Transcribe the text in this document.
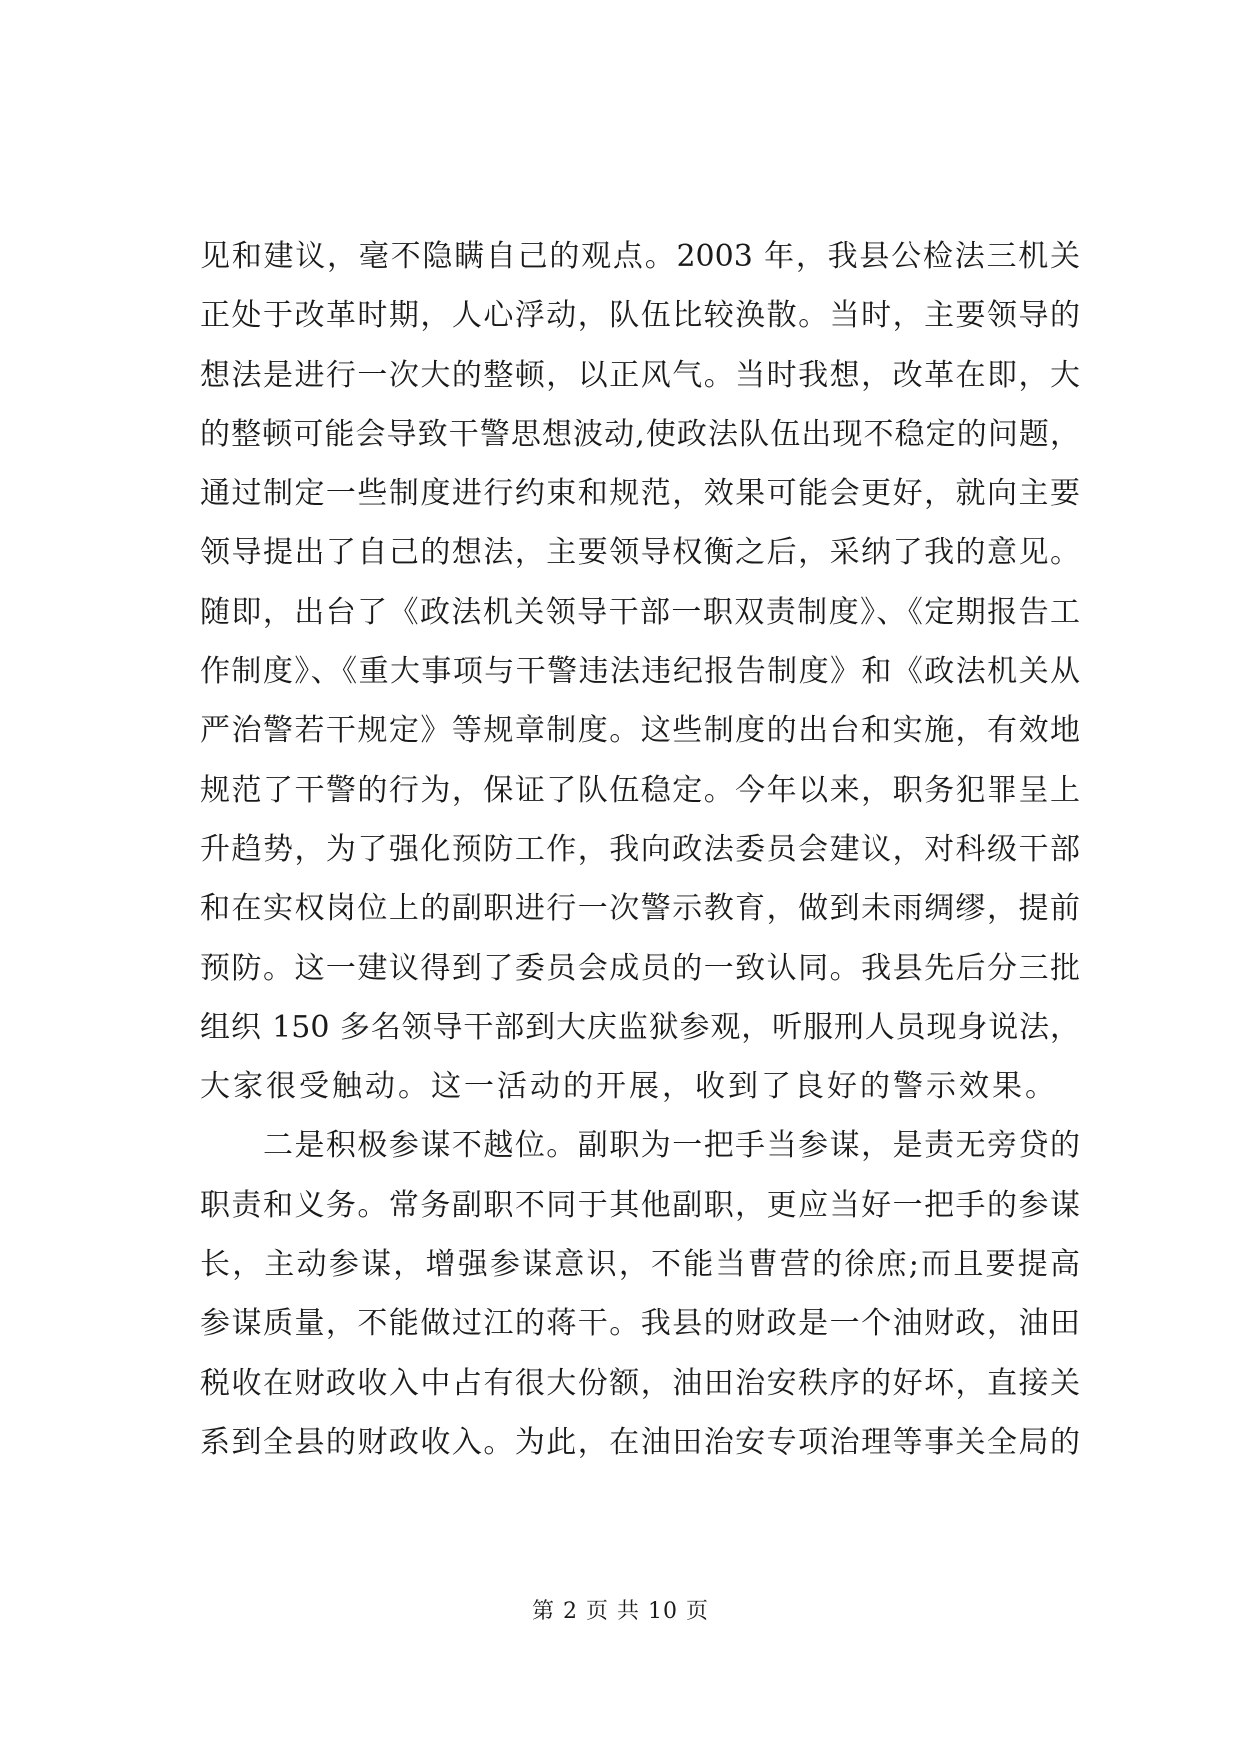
见和建议，毫不隐瞒自己的观点。2003 年，我县公检法三机关
正处于改革时期，人心浮动，队伍比较涣散。当时，主要领导的
想法是进行一次大的整顿，以正风气。当时我想，改革在即，大
的整顿可能会导致干警思想波动,使政法队伍出现不稳定的问题，
通过制定一些制度进行约束和规范，效果可能会更好，就向主要
领导提出了自己的想法，主要领导权衡之后，采纳了我的意见。
随即，出台了《政法机关领导干部一职双责制度》、《定期报告工
作制度》、《重大事项与干警违法违纪报告制度》和《政法机关从
严治警若干规定》等规章制度。这些制度的出台和实施，有效地
规范了干警的行为，保证了队伍稳定。今年以来，职务犯罪呈上
升趋势，为了强化预防工作，我向政法委员会建议，对科级干部
和在实权岗位上的副职进行一次警示教育，做到未雨绸缪，提前
预防。这一建议得到了委员会成员的一致认同。我县先后分三批
组织 150 多名领导干部到大庆监狱参观，听服刑人员现身说法，
大家很受触动。这一活动的开展，收到了良好的警示效果。
　　二是积极参谋不越位。副职为一把手当参谋，是责无旁贷的
职责和义务。常务副职不同于其他副职，更应当好一把手的参谋
长，主动参谋，增强参谋意识，不能当曹营的徐庶;而且要提高
参谋质量，不能做过江的蒋干。我县的财政是一个油财政，油田
税收在财政收入中占有很大份额，油田治安秩序的好坏，直接关
系到全县的财政收入。为此，在油田治安专项治理等事关全局的
第 2 页 共 10 页
